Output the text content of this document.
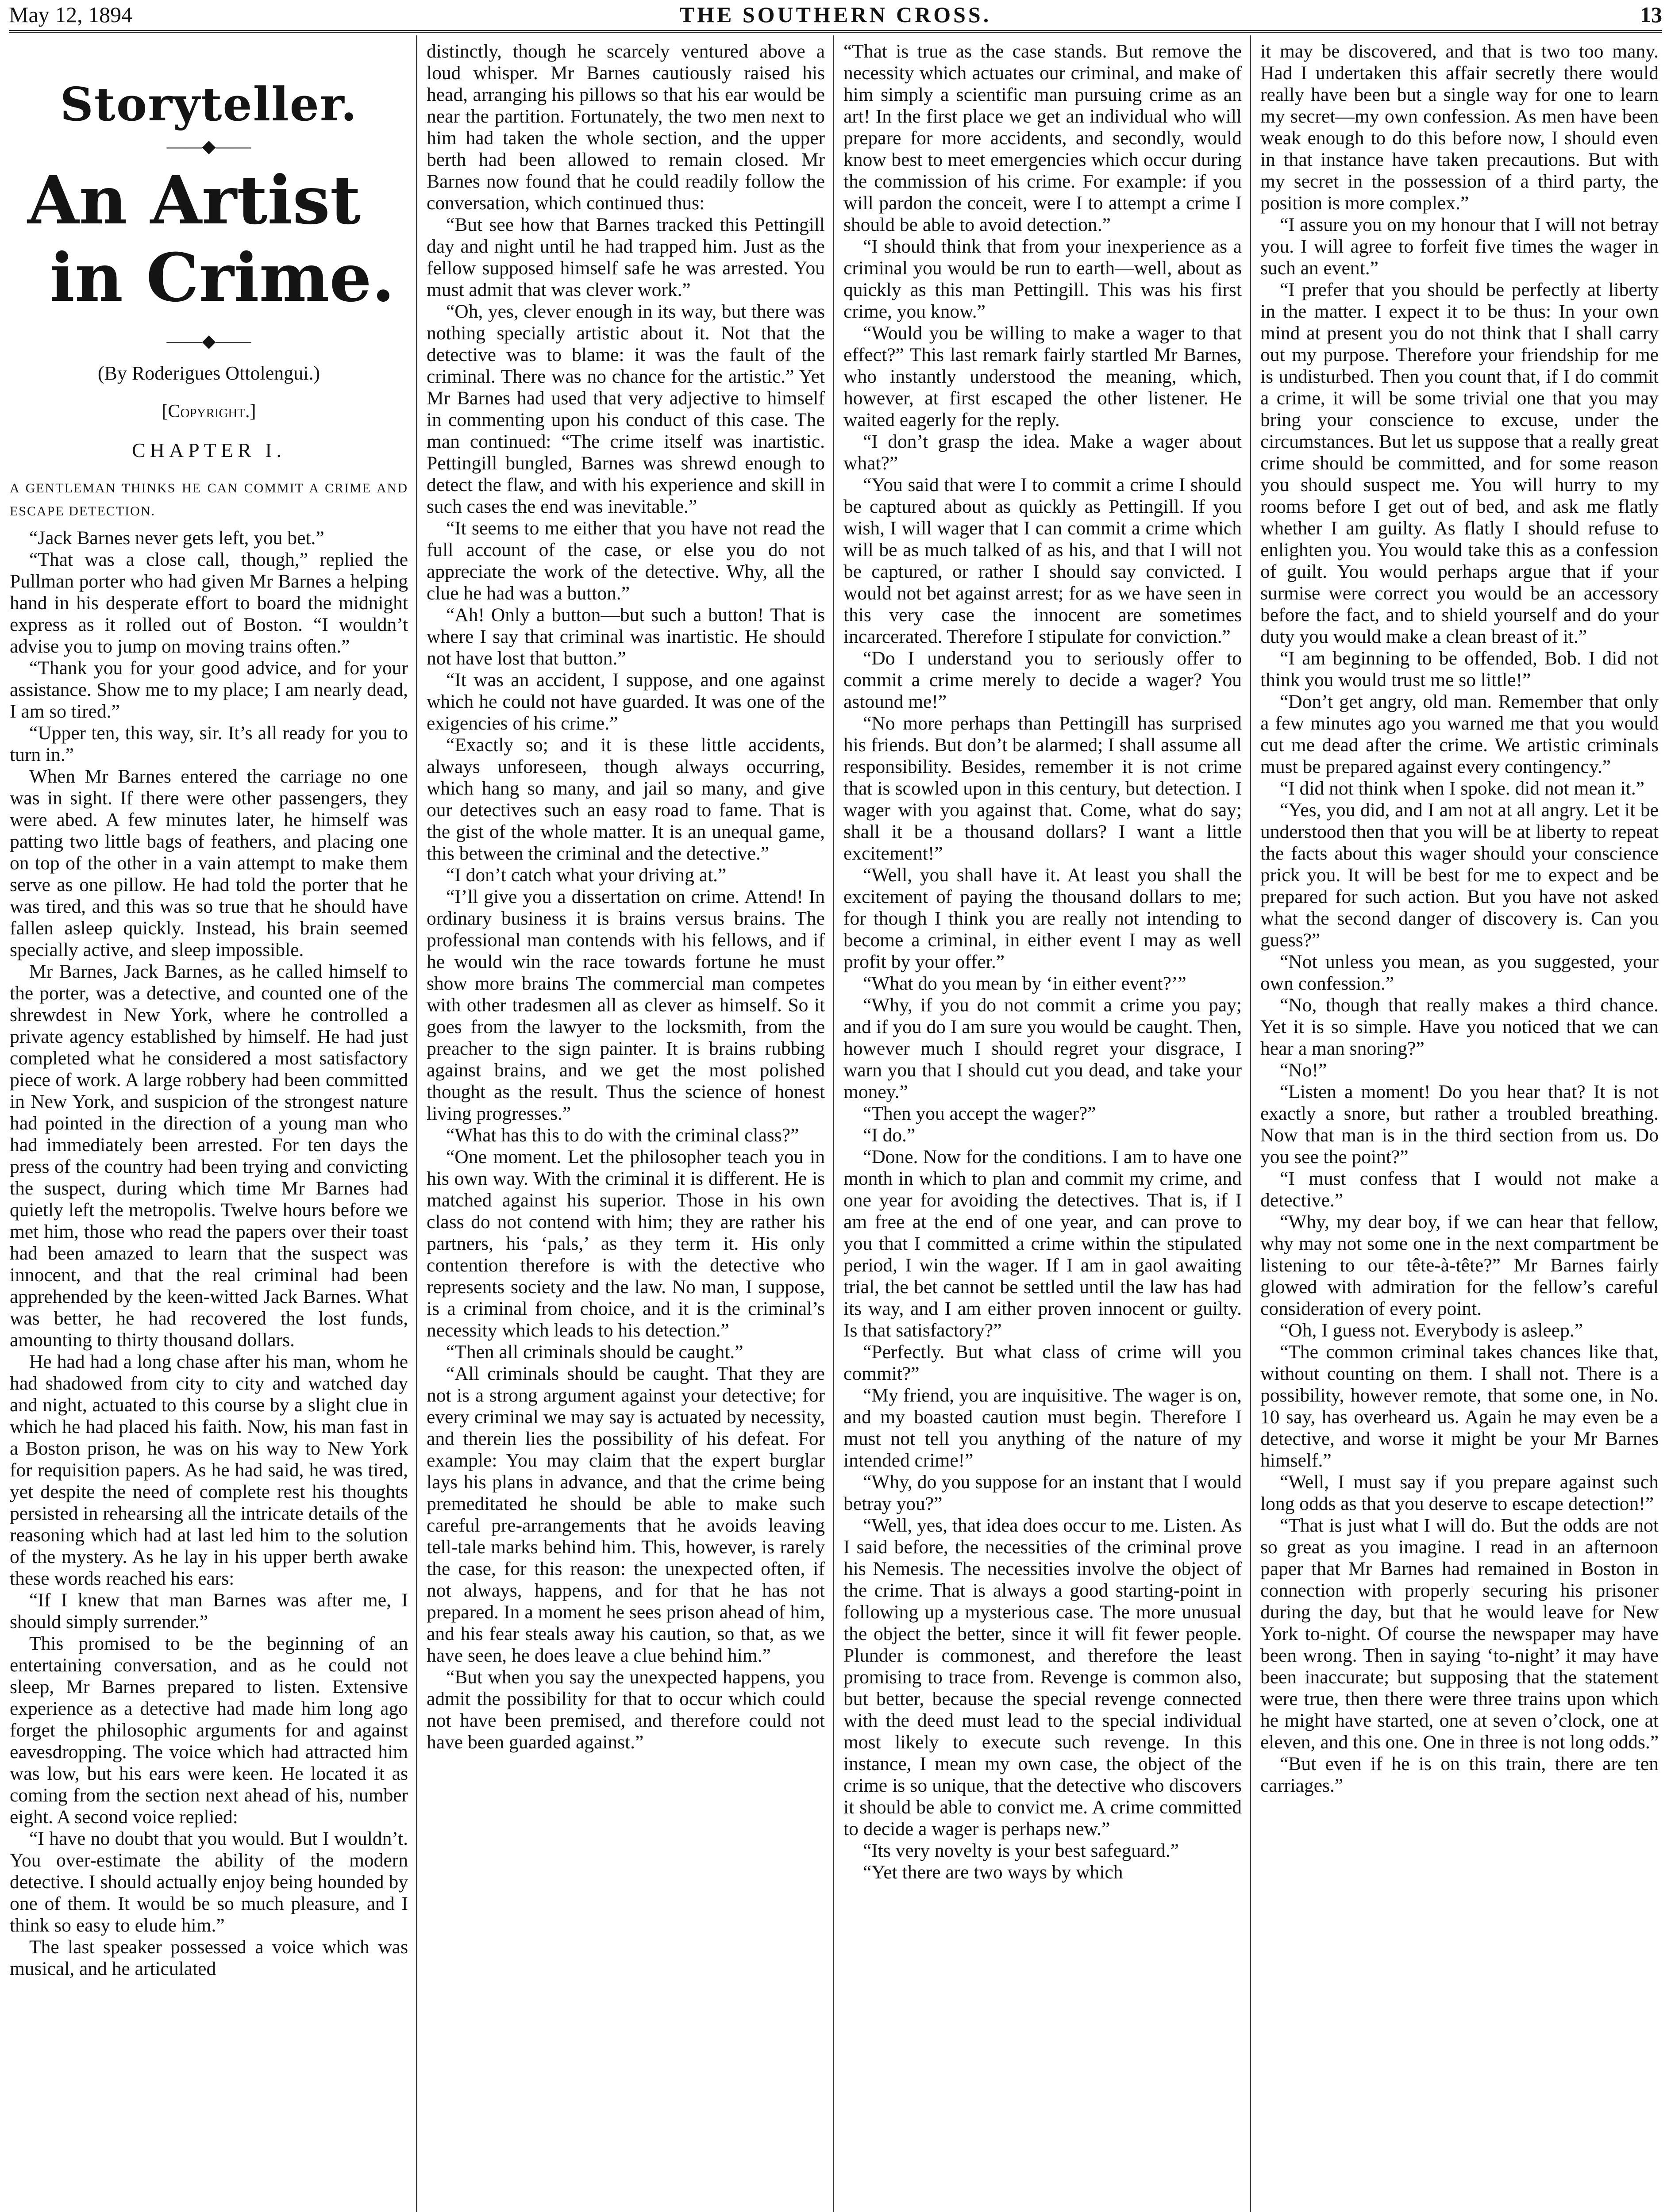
May 12, 1894	THE SOUTHERN CROSS.	13
Storyteller.
——◆——
An Artist
in Crime.
——◆——
(By Roderigues Ottolengui.)
[Copyright.]
CHAPTER I.
A GENTLEMAN THINKS HE CAN COMMIT A CRIME AND ESCAPE DETECTION.

“Jack Barnes never gets left, you bet.”

“That was a close call, though,” replied the Pullman porter who had given Mr Barnes a helping hand in his desperate effort to board the midnight express as it rolled out of Boston. “I wouldn’t advise you to jump on moving trains often.”

“Thank you for your good advice, and for your assistance. Show me to my place; I am nearly dead, I am so tired.”

“Upper ten, this way, sir. It’s all ready for you to turn in.”

When Mr Barnes entered the carriage no one was in sight. If there were other passengers, they were abed. A few minutes later, he himself was patting two little bags of feathers, and placing one on top of the other in a vain attempt to make them serve as one pillow. He had told the porter that he was tired, and this was so true that he should have fallen asleep quickly. Instead, his brain seemed specially active, and sleep impossible.

Mr Barnes, Jack Barnes, as he called himself to the porter, was a detective, and counted one of the shrewdest in New York, where he controlled a private agency established by himself. He had just completed what he considered a most satisfactory piece of work. A large robbery had been committed in New York, and suspicion of the strongest nature had pointed in the direction of a young man who had immediately been arrested. For ten days the press of the country had been trying and convicting the suspect, during which time Mr Barnes had quietly left the metropolis. Twelve hours before we met him, those who read the papers over their toast had been amazed to learn that the suspect was innocent, and that the real criminal had been apprehended by the keen-witted Jack Barnes. What was better, he had recovered the lost funds, amounting to thirty thousand dollars.

He had had a long chase after his man, whom he had shadowed from city to city and watched day and night, actuated to this course by a slight clue in which he had placed his faith. Now, his man fast in a Boston prison, he was on his way to New York for requisition papers. As he had said, he was tired, yet despite the need of complete rest his thoughts persisted in rehearsing all the intricate details of the reasoning which had at last led him to the solution of the mystery. As he lay in his upper berth awake these words reached his ears:

“If I knew that man Barnes was after me, I should simply surrender.”

This promised to be the beginning of an entertaining conversation, and as he could not sleep, Mr Barnes prepared to listen. Extensive experience as a detective had made him long ago forget the philosophic arguments for and against eavesdropping. The voice which had attracted him was low, but his ears were keen. He located it as coming from the section next ahead of his, number eight. A second voice replied:

“I have no doubt that you would. But I wouldn’t. You over-estimate the ability of the modern detective. I should actually enjoy being hounded by one of them. It would be so much pleasure, and I think so easy to elude him.”

The last speaker possessed a voice which was musical, and he articulated

distinctly, though he scarcely ventured above a loud whisper. Mr Barnes cautiously raised his head, arranging his pillows so that his ear would be near the partition. Fortunately, the two men next to him had taken the whole section, and the upper berth had been allowed to remain closed. Mr Barnes now found that he could readily follow the conversation, which continued thus:

“But see how that Barnes tracked this Pettingill day and night until he had trapped him. Just as the fellow supposed himself safe he was arrested. You must admit that was clever work.”

“Oh, yes, clever enough in its way, but there was nothing specially artistic about it. Not that the detective was to blame: it was the fault of the criminal. There was no chance for the artistic.” Yet Mr Barnes had used that very adjective to himself in commenting upon his conduct of this case. The man continued: “The crime itself was inartistic. Pettingill bungled, Barnes was shrewd enough to detect the flaw, and with his experience and skill in such cases the end was inevitable.”

“It seems to me either that you have not read the full account of the case, or else you do not appreciate the work of the detective. Why, all the clue he had was a button.”

“Ah! Only a button—but such a button! That is where I say that criminal was inartistic. He should not have lost that button.”

“It was an accident, I suppose, and one against which he could not have guarded. It was one of the exigencies of his crime.”

“Exactly so; and it is these little accidents, always unforeseen, though always occurring, which hang so many, and jail so many, and give our detectives such an easy road to fame. That is the gist of the whole matter. It is an unequal game, this between the criminal and the detective.”

“I don’t catch what your driving at.”

“I’ll give you a dissertation on crime. Attend! In ordinary business it is brains versus brains. The professional man contends with his fellows, and if he would win the race towards fortune he must show more brains The commercial man competes with other tradesmen all as clever as himself. So it goes from the lawyer to the locksmith, from the preacher to the sign painter. It is brains rubbing against brains, and we get the most polished thought as the result. Thus the science of honest living progresses.”

“What has this to do with the criminal class?”

“One moment. Let the philosopher teach you in his own way. With the criminal it is different. He is matched against his superior. Those in his own class do not contend with him; they are rather his partners, his ‘pals,’ as they term it. His only contention therefore is with the detective who represents society and the law. No man, I suppose, is a criminal from choice, and it is the criminal’s necessity which leads to his detection.”

“Then all criminals should be caught.”

“All criminals should be caught. That they are not is a strong argument against your detective; for every criminal we may say is actuated by necessity, and therein lies the possibility of his defeat. For example: You may claim that the expert burglar lays his plans in advance, and that the crime being premeditated he should be able to make such careful pre-arrangements that he avoids leaving tell-tale marks behind him. This, however, is rarely the case, for this reason: the unexpected often, if not always, happens, and for that he has not prepared. In a moment he sees prison ahead of him, and his fear steals away his caution, so that, as we have seen, he does leave a clue behind him.”

“But when you say the unexpected happens, you admit the possibility for that to occur which could not have been premised, and therefore could not have been guarded against.”

“That is true as the case stands. But remove the necessity which actuates our criminal, and make of him simply a scientific man pursuing crime as an art! In the first place we get an individual who will prepare for more accidents, and secondly, would know best to meet emergencies which occur during the commission of his crime. For example: if you will pardon the conceit, were I to attempt a crime I should be able to avoid detection.”

“I should think that from your inexperience as a criminal you would be run to earth—well, about as quickly as this man Pettingill. This was his first crime, you know.”

“Would you be willing to make a wager to that effect?” This last remark fairly startled Mr Barnes, who instantly understood the meaning, which, however, at first escaped the other listener. He waited eagerly for the reply.

“I don’t grasp the idea. Make a wager about what?”

“You said that were I to commit a crime I should be captured about as quickly as Pettingill. If you wish, I will wager that I can commit a crime which will be as much talked of as his, and that I will not be captured, or rather I should say convicted. I would not bet against arrest; for as we have seen in this very case the innocent are sometimes incarcerated. Therefore I stipulate for conviction.”

“Do I understand you to seriously offer to commit a crime merely to decide a wager? You astound me!”

“No more perhaps than Pettingill has surprised his friends. But don’t be alarmed; I shall assume all responsibility. Besides, remember it is not crime that is scowled upon in this century, but detection. I wager with you against that. Come, what do say; shall it be a thousand dollars? I want a little excitement!”

“Well, you shall have it. At least you shall the excitement of paying the thousand dollars to me; for though I think you are really not intending to become a criminal, in either event I may as well profit by your offer.”

“What do you mean by ‘in either event?’”

“Why, if you do not commit a crime you pay; and if you do I am sure you would be caught. Then, however much I should regret your disgrace, I warn you that I should cut you dead, and take your money.”

“Then you accept the wager?”

“I do.”

“Done. Now for the conditions. I am to have one month in which to plan and commit my crime, and one year for avoiding the detectives. That is, if I am free at the end of one year, and can prove to you that I committed a crime within the stipulated period, I win the wager. If I am in gaol awaiting trial, the bet cannot be settled until the law has had its way, and I am either proven innocent or guilty. Is that satisfactory?”

“Perfectly. But what class of crime will you commit?”

“My friend, you are inquisitive. The wager is on, and my boasted caution must begin. Therefore I must not tell you anything of the nature of my intended crime!”

“Why, do you suppose for an instant that I would betray you?”

“Well, yes, that idea does occur to me. Listen. As I said before, the necessities of the criminal prove his Nemesis. The necessities involve the object of the crime. That is always a good starting-point in following up a mysterious case. The more unusual the object the better, since it will fit fewer people. Plunder is commonest, and therefore the least promising to trace from. Revenge is common also, but better, because the special revenge connected with the deed must lead to the special individual most likely to execute such revenge. In this instance, I mean my own case, the object of the crime is so unique, that the detective who discovers it should be able to convict me. A crime committed to decide a wager is perhaps new.”

“Its very novelty is your best safeguard.”

“Yet there are two ways by which

it may be discovered, and that is two too many. Had I undertaken this affair secretly there would really have been but a single way for one to learn my secret—my own confession. As men have been weak enough to do this before now, I should even in that instance have taken precautions. But with my secret in the possession of a third party, the position is more complex.”

“I assure you on my honour that I will not betray you. I will agree to forfeit five times the wager in such an event.”

“I prefer that you should be perfectly at liberty in the matter. I expect it to be thus: In your own mind at present you do not think that I shall carry out my purpose. Therefore your friendship for me is undisturbed. Then you count that, if I do commit a crime, it will be some trivial one that you may bring your conscience to excuse, under the circumstances. But let us suppose that a really great crime should be committed, and for some reason you should suspect me. You will hurry to my rooms before I get out of bed, and ask me flatly whether I am guilty. As flatly I should refuse to enlighten you. You would take this as a confession of guilt. You would perhaps argue that if your surmise were correct you would be an accessory before the fact, and to shield yourself and do your duty you would make a clean breast of it.”

“I am beginning to be offended, Bob. I did not think you would trust me so little!”

“Don’t get angry, old man. Remember that only a few minutes ago you warned me that you would cut me dead after the crime. We artistic criminals must be prepared against every contingency.”

“I did not think when I spoke. did not mean it.”

“Yes, you did, and I am not at all angry. Let it be understood then that you will be at liberty to repeat the facts about this wager should your conscience prick you. It will be best for me to expect and be prepared for such action. But you have not asked what the second danger of discovery is. Can you guess?”

“Not unless you mean, as you suggested, your own confession.”

“No, though that really makes a third chance. Yet it is so simple. Have you noticed that we can hear a man snoring?”

“No!”

“Listen a moment! Do you hear that? It is not exactly a snore, but rather a troubled breathing. Now that man is in the third section from us. Do you see the point?”

“I must confess that I would not make a detective.”

“Why, my dear boy, if we can hear that fellow, why may not some one in the next compartment be listening to our tête-à-tête?” Mr Barnes fairly glowed with admiration for the fellow’s careful consideration of every point.

“Oh, I guess not. Everybody is asleep.”

“The common criminal takes chances like that, without counting on them. I shall not. There is a possibility, however remote, that some one, in No. 10 say, has overheard us. Again he may even be a detective, and worse it might be your Mr Barnes himself.”

“Well, I must say if you prepare against such long odds as that you deserve to escape detection!”

“That is just what I will do. But the odds are not so great as you imagine. I read in an afternoon paper that Mr Barnes had remained in Boston in connection with properly securing his prisoner during the day, but that he would leave for New York to-night. Of course the newspaper may have been wrong. Then in saying ‘to-night’ it may have been inaccurate; but supposing that the statement were true, then there were three trains upon which he might have started, one at seven o’clock, one at eleven, and this one. One in three is not long odds.”

“But even if he is on this train, there are ten carriages.”
